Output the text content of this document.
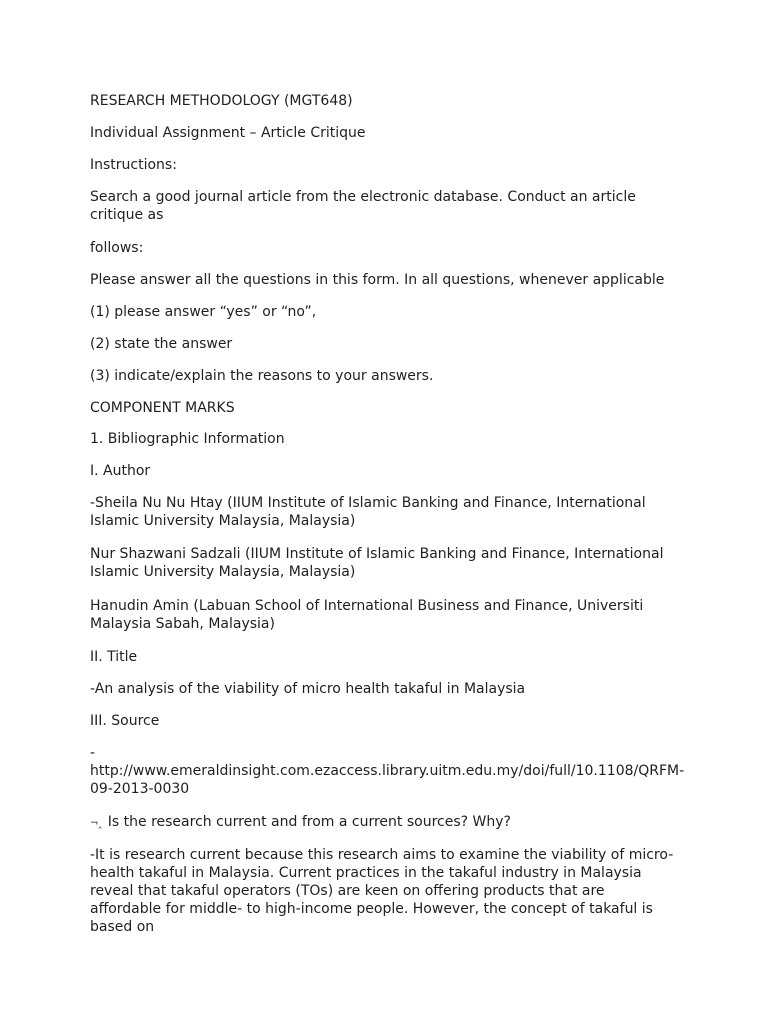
RESEARCH METHODOLOGY (MGT648)

Individual Assignment – Article Critique

Instructions:

Search a good journal article from the electronic database. Conduct an article critique as

follows:

Please answer all the questions in this form. In all questions, whenever applicable

(1) please answer “yes” or “no”,

(2) state the answer

(3) indicate/explain the reasons to your answers.

COMPONENT MARKS

1. Bibliographic Information

I. Author

-Sheila Nu Nu Htay (IIUM Institute of Islamic Banking and Finance, International Islamic University Malaysia, Malaysia)

Nur Shazwani Sadzali (IIUM Institute of Islamic Banking and Finance, International Islamic University Malaysia, Malaysia)

Hanudin Amin (Labuan School of International Business and Finance, Universiti Malaysia Sabah, Malaysia)

II. Title

-An analysis of the viability of micro health takaful in Malaysia

III. Source

-

http://www.emeraldinsight.com.ezaccess.library.uitm.edu.my/doi/full/10.1108/QRFM-

09-2013-0030

¬‸ Is the research current and from a current sources? Why?

-It is research current because this research aims to examine the viability of micro-health takaful in Malaysia. Current practices in the takaful industry in Malaysia reveal that takaful operators (TOs) are keen on offering products that are affordable for middle- to high-income people. However, the concept of takaful is based on
